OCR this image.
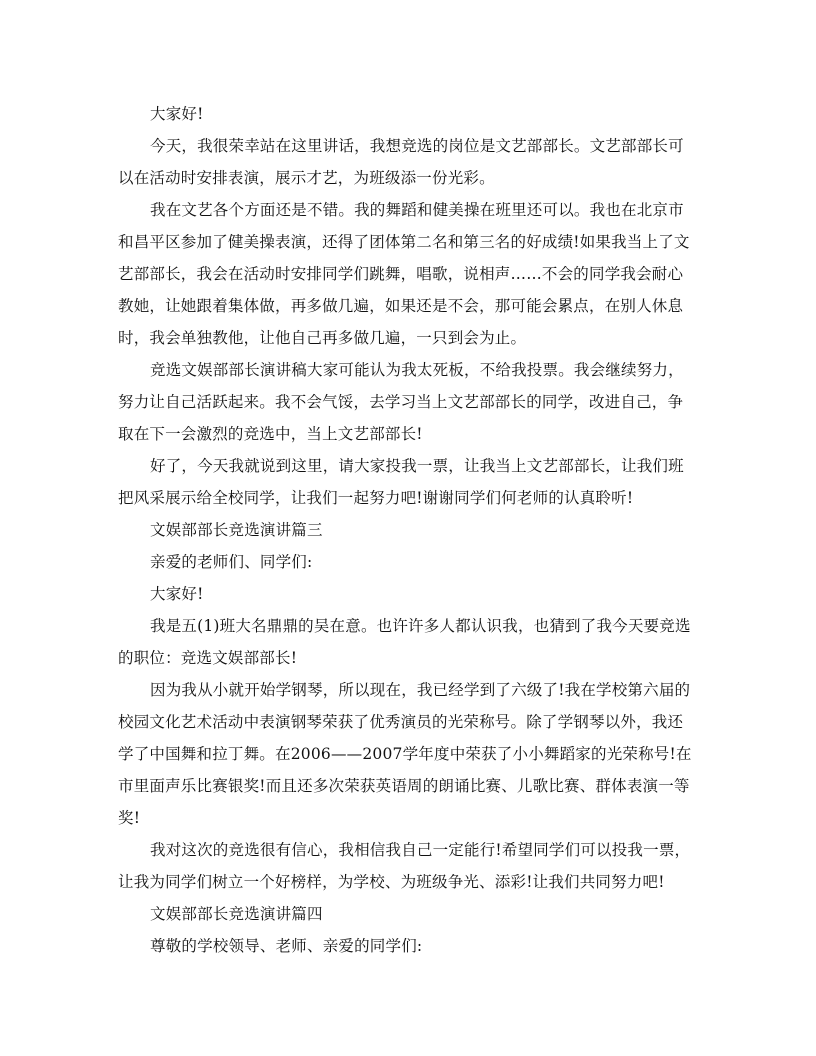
大家好!

今天，我很荣幸站在这里讲话，我想竞选的岗位是文艺部部长。文艺部部长可以在活动时安排表演，展示才艺，为班级添一份光彩。

我在文艺各个方面还是不错。我的舞蹈和健美操在班里还可以。我也在北京市和昌平区参加了健美操表演，还得了团体第二名和第三名的好成绩!如果我当上了文艺部部长，我会在活动时安排同学们跳舞，唱歌，说相声……不会的同学我会耐心教她，让她跟着集体做，再多做几遍，如果还是不会，那可能会累点，在别人休息时，我会单独教他，让他自己再多做几遍，一只到会为止。

竞选文娱部部长演讲稿大家可能认为我太死板，不给我投票。我会继续努力，努力让自己活跃起来。我不会气馁，去学习当上文艺部部长的同学，改进自己，争取在下一会激烈的竞选中，当上文艺部部长!

好了，今天我就说到这里，请大家投我一票，让我当上文艺部部长，让我们班把风采展示给全校同学，让我们一起努力吧!谢谢同学们何老师的认真聆听!

文娱部部长竞选演讲篇三

亲爱的老师们、同学们:

大家好!

我是五(1)班大名鼎鼎的吴在意。也许许多人都认识我，也猜到了我今天要竞选的职位：竞选文娱部部长!

因为我从小就开始学钢琴，所以现在，我已经学到了六级了!我在学校第六届的校园文化艺术活动中表演钢琴荣获了优秀演员的光荣称号。除了学钢琴以外，我还学了中国舞和拉丁舞。在2006——2007学年度中荣获了小小舞蹈家的光荣称号!在市里面声乐比赛银奖!而且还多次荣获英语周的朗诵比赛、儿歌比赛、群体表演一等奖!

我对这次的竞选很有信心，我相信我自己一定能行!希望同学们可以投我一票，让我为同学们树立一个好榜样，为学校、为班级争光、添彩!让我们共同努力吧!

文娱部部长竞选演讲篇四

尊敬的学校领导、老师、亲爱的同学们:
